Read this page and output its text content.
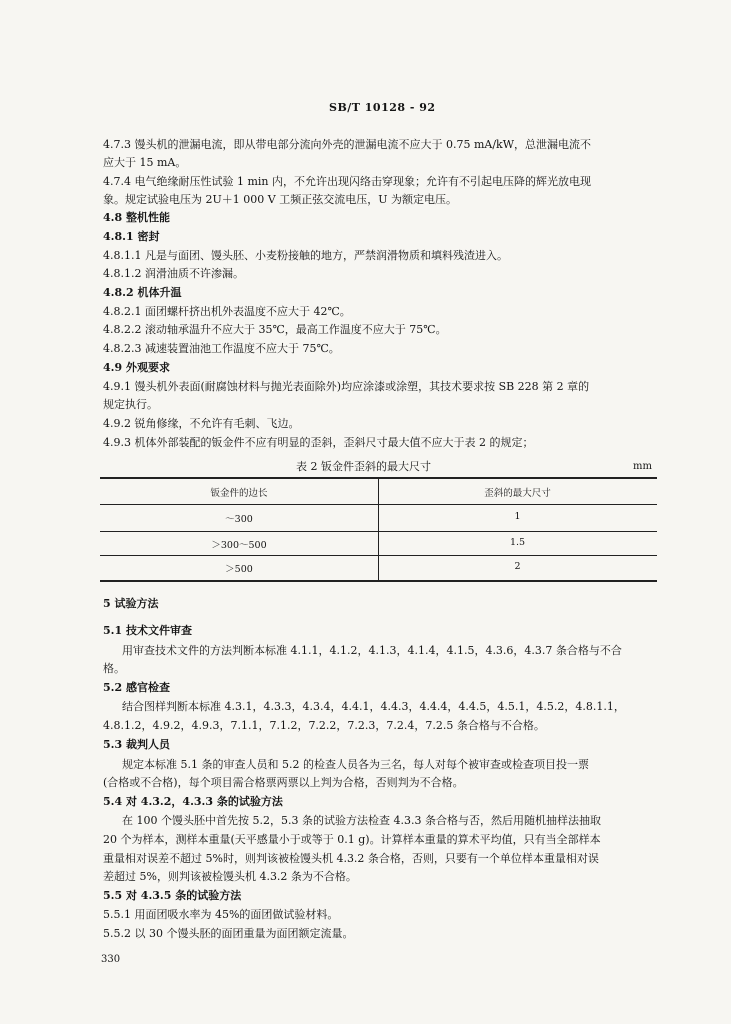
SB/T 10128 - 92
4.7.3 馒头机的泄漏电流，即从带电部分流向外壳的泄漏电流不应大于 0.75 mA/kW，总泄漏电流不
应大于 15 mA。
4.7.4 电气绝缘耐压性试验 1 min 内，不允许出现闪络击穿现象；允许有不引起电压降的辉光放电现
象。规定试验电压为 2U＋1 000 V 工频正弦交流电压，U 为额定电压。
4.8 整机性能
4.8.1 密封
4.8.1.1 凡是与面团、馒头胚、小麦粉接触的地方，严禁润滑物质和填料残渣进入。
4.8.1.2 润滑油质不许渗漏。
4.8.2 机体升温
4.8.2.1 面团螺杆挤出机外表温度不应大于 42℃。
4.8.2.2 滚动轴承温升不应大于 35℃，最高工作温度不应大于 75℃。
4.8.2.3 减速装置油池工作温度不应大于 75℃。
4.9 外观要求
4.9.1 馒头机外表面(耐腐蚀材料与抛光表面除外)均应涂漆或涂塑，其技术要求按 SB 228 第 2 章的
规定执行。
4.9.2 锐角修缘，不允许有毛刺、飞边。
4.9.3 机体外部装配的钣金件不应有明显的歪斜，歪斜尺寸最大值不应大于表 2 的规定；
表 2 钣金件歪斜的最大尺寸	mm
钣金件的边长	歪斜的最大尺寸
～300	1
＞300～500	1.5
＞500	2
5 试验方法
5.1 技术文件审查
用审查技术文件的方法判断本标准 4.1.1，4.1.2，4.1.3，4.1.4，4.1.5，4.3.6，4.3.7 条合格与不合
格。
5.2 感官检查
结合图样判断本标准 4.3.1，4.3.3，4.3.4，4.4.1，4.4.3，4.4.4，4.4.5，4.5.1，4.5.2，4.8.1.1，
4.8.1.2，4.9.2，4.9.3，7.1.1，7.1.2，7.2.2，7.2.3，7.2.4，7.2.5 条合格与不合格。
5.3 裁判人员
规定本标准 5.1 条的审查人员和 5.2 的检查人员各为三名，每人对每个被审查或检查项目投一票
(合格或不合格)，每个项目需合格票两票以上判为合格，否则判为不合格。
5.4 对 4.3.2，4.3.3 条的试验方法
在 100 个馒头胚中首先按 5.2，5.3 条的试验方法检查 4.3.3 条合格与否，然后用随机抽样法抽取
20 个为样本，测样本重量(天平感量小于或等于 0.1 g)。计算样本重量的算术平均值，只有当全部样本
重量相对误差不超过 5%时，则判该被检馒头机 4.3.2 条合格，否则，只要有一个单位样本重量相对误
差超过 5%，则判该被检馒头机 4.3.2 条为不合格。
5.5 对 4.3.5 条的试验方法
5.5.1 用面团吸水率为 45%的面团做试验材料。
5.5.2 以 30 个馒头胚的面团重量为面团额定流量。
330
